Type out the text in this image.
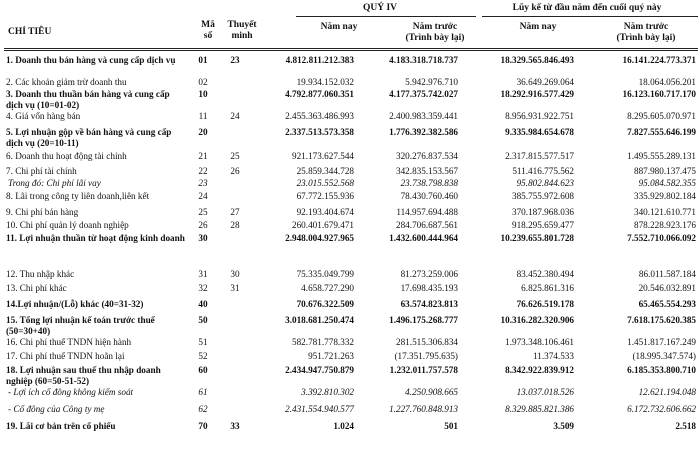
QUÝ IV	Lũy kế từ đầu năm đến cuối quý này
CHỈ TIÊU
Mã số
Thuyết minh
Năm nay	Năm trước
(Trình bày lại)
Năm nay	Năm trước
(Trình bày lại)
1. Doanh thu bán hàng và cung cấp dịch vụ	01	23	4.812.811.212.383	4.183.318.718.737	18.329.565.846.493	16.141.224.773.371
2. Các khoản giảm trừ doanh thu	02		19.934.152.032	5.942.976.710	36.649.269.064	18.064.056.201
3. Doanh thu thuần bán hàng và cung cấp dịch vụ (10=01-02)	10		4.792.877.060.351	4.177.375.742.027	18.292.916.577.429	16.123.160.717.170
4. Giá vốn hàng bán	11	24	2.455.363.486.993	2.400.983.359.441	8.956.931.922.751	8.295.605.070.971
5. Lợi nhuận gộp về bán hàng và cung cấp dịch vụ (20=10-11)	20		2.337.513.573.358	1.776.392.382.586	9.335.984.654.678	7.827.555.646.199
6. Doanh thu hoạt động tài chính	21	25	921.173.627.544	320.276.837.534	2.317.815.577.517	1.495.555.289.131
7. Chi phí tài chính	22	26	25.859.344.728	342.835.153.567	511.416.775.562	887.980.137.475
Trong đó: Chi phí lãi vay	23		23.015.552.568	23.738.798.838	95.802.844.623	95.084.582.355
8. Lãi trong công ty liên doanh,liên kết	24		67.772.155.936	78.430.760.460	385.755.972.608	335.929.802.184
9. Chi phí bán hàng	25	27	92.193.404.674	114.957.694.488	370.187.968.036	340.121.610.771
10. Chi phí quản lý doanh nghiệp	26	28	260.401.679.471	284.706.687.561	918.295.659.477	878.228.923.176
11. Lợi nhuận thuần từ hoạt động kinh doanh	30		2.948.004.927.965	1.432.600.444.964	10.239.655.801.728	7.552.710.066.092
12. Thu nhập khác	31	30	75.335.049.799	81.273.259.006	83.452.380.494	86.011.587.184
13. Chi phí khác	32	31	4.658.727.290	17.698.435.193	6.825.861.316	20.546.032.891
14.Lợi nhuận/(Lỗ) khác (40=31-32)	40		70.676.322.509	63.574.823.813	76.626.519.178	65.465.554.293
15. Tổng lợi nhuận kế toán trước thuế (50=30+40)	50		3.018.681.250.474	1.496.175.268.777	10.316.282.320.906	7.618.175.620.385
16. Chi phí thuế TNDN hiện hành	51		582.781.778.332	281.515.306.834	1.973.348.106.461	1.451.817.167.249
17. Chi phí thuế TNDN hoãn lại	52		951.721.263	(17.351.795.635)	11.374.533	(18.995.347.574)
18. Lợi nhuận sau thuế thu nhập doanh nghiệp (60=50-51-52)	60		2.434.947.750.879	1.232.011.757.578	8.342.922.839.912	6.185.353.800.710
- Lợi ích cổ đông không kiểm soát	61		3.392.810.302	4.250.908.665	13.037.018.526	12.621.194.048
- Cổ đông của Công ty mẹ	62		2.431.554.940.577	1.227.760.848.913	8.329.885.821.386	6.172.732.606.662
19. Lãi cơ bản trên cổ phiếu	70	33	1.024	501	3.509	2.518
